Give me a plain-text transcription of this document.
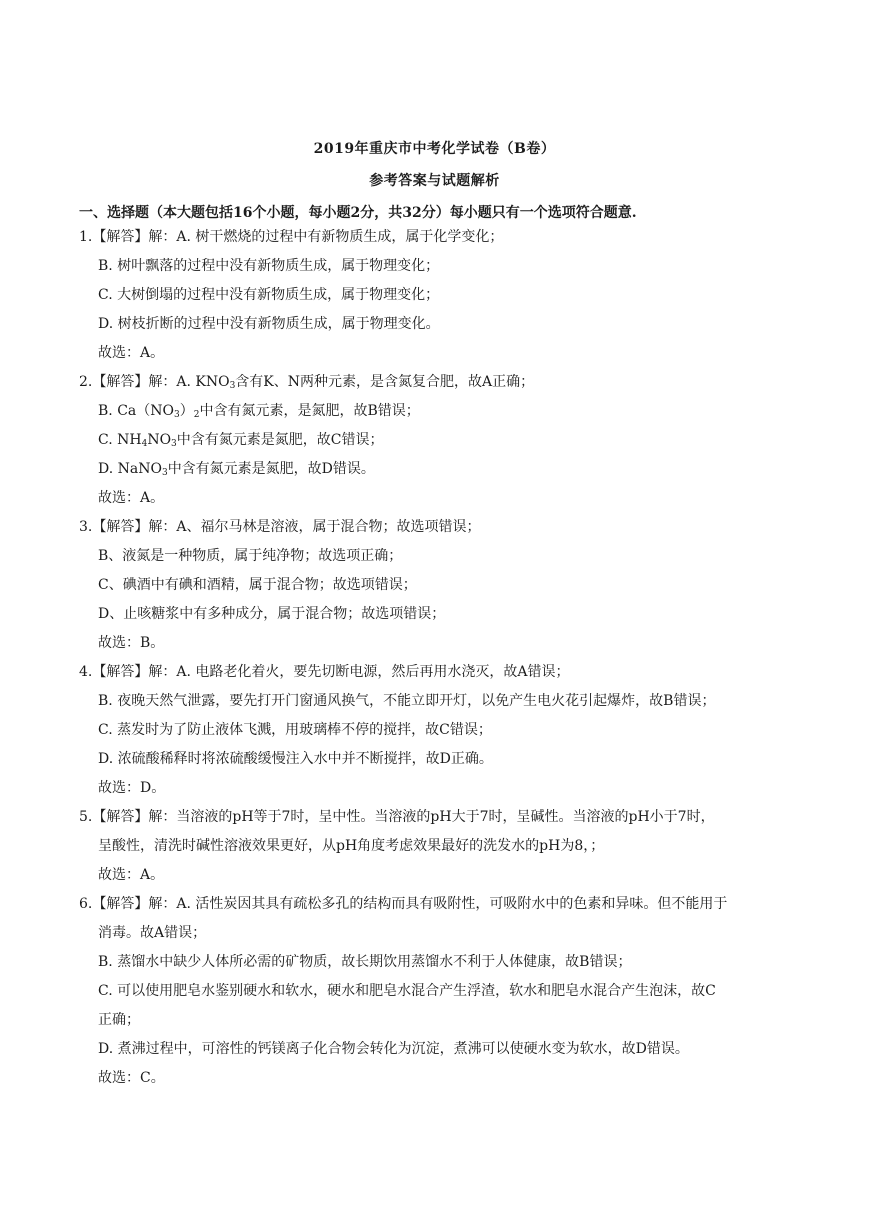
2019年重庆市中考化学试卷（B卷）
参考答案与试题解析
一、选择题（本大题包括16个小题，每小题2分，共32分）每小题只有一个选项符合题意.
1.【解答】解：A. 树干燃烧的过程中有新物质生成，属于化学变化；
B. 树叶飘落的过程中没有新物质生成，属于物理变化；
C. 大树倒塌的过程中没有新物质生成，属于物理变化；
D. 树枝折断的过程中没有新物质生成，属于物理变化。
故选：A。
2.【解答】解：A. $KNO_3$含有K、N两种元素，是含氮复合肥，故A正确；
B. $Ca(NO_3)_2$中含有氮元素，是氮肥，故B错误；
C. $NH_4NO_3$中含有氮元素是氮肥，故C错误；
D. NaNO$_3$中含有氮元素是氮肥，故D错误。
故选：A。
3.【解答】解：A、福尔马林是溶液，属于混合物；故选项错误；
B、液氮是一种物质，属于纯净物；故选项正确；
C、碘酒中有碘和酒精，属于混合物；故选项错误；
D、止咳糖浆中有多种成分，属于混合物；故选项错误；
故选：B。
4.【解答】解：A. 电路老化着火，要先切断电源，然后再用水浇灭，故A错误；
B. 夜晚天然气泄露，要先打开门窗通风换气，不能立即开灯，以免产生电火花引起爆炸，故B错误；
C. 蒸发时为了防止液体飞溅，用玻璃棒不停的搅拌，故C错误；
D. 浓硫酸稀释时将浓硫酸缓慢注入水中并不断搅拌，故D正确。
故选：D。
5.【解答】解：当溶液的pH等于7时，呈中性。当溶液的pH大于7时，呈碱性。当溶液的pH小于7时，
呈酸性，清洗时碱性溶液效果更好，从pH角度考虑效果最好的洗发水的pH为8，；
故选：A。
6.【解答】解：A. 活性炭因其具有疏松多孔的结构而具有吸附性，可吸附水中的色素和异味。但不能用于
消毒。故A错误；
B. 蒸馏水中缺少人体所必需的矿物质，故长期饮用蒸馏水不利于人体健康，故B错误；
C. 可以使用肥皂水鉴别硬水和软水，硬水和肥皂水混合产生浮渣，软水和肥皂水混合产生泡沫，故C
正确；
D. 煮沸过程中，可溶性的钙镁离子化合物会转化为沉淀，煮沸可以使硬水变为软水，故D错误。
故选：C。
